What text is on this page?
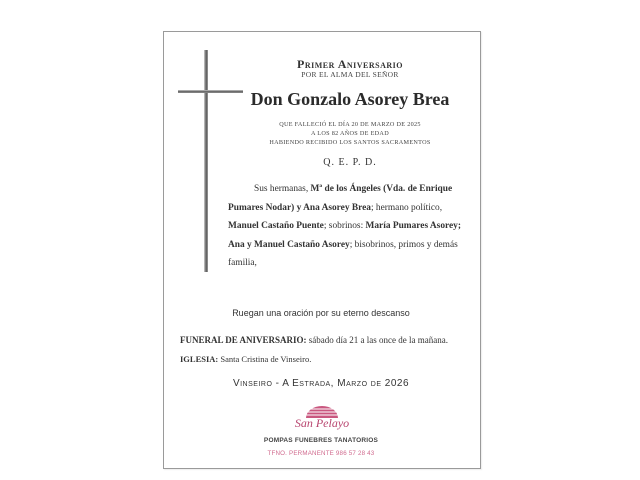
Primer Aniversario

POR EL ALMA DEL SEÑOR

Don Gonzalo Asorey Brea

QUE FALLECIÓ EL DÍA 20 DE MARZO DE 2025

A LOS 82 AÑOS DE EDAD

HABIENDO RECIBIDO LOS SANTOS SACRAMENTOS

Q. E. P. D.

Sus hermanas, Mª de los Ángeles (Vda. de Enrique

Pumares Nodar) y Ana Asorey Brea; hermano político,

Manuel Castaño Puente; sobrinos: María Pumares Asorey;

Ana y Manuel Castaño Asorey; bisobrinos, primos y demás

familia,

Ruegan una oración por su eterno descanso

FUNERAL DE ANIVERSARIO: sábado día 21 a las once de la mañana.

IGLESIA: Santa Cristina de Vinseiro.

Vinseiro - A Estrada, Marzo de 2026

San Pelayo

POMPAS FUNEBRES TANATORIOS

TFNO. PERMANENTE 986 57 28 43
